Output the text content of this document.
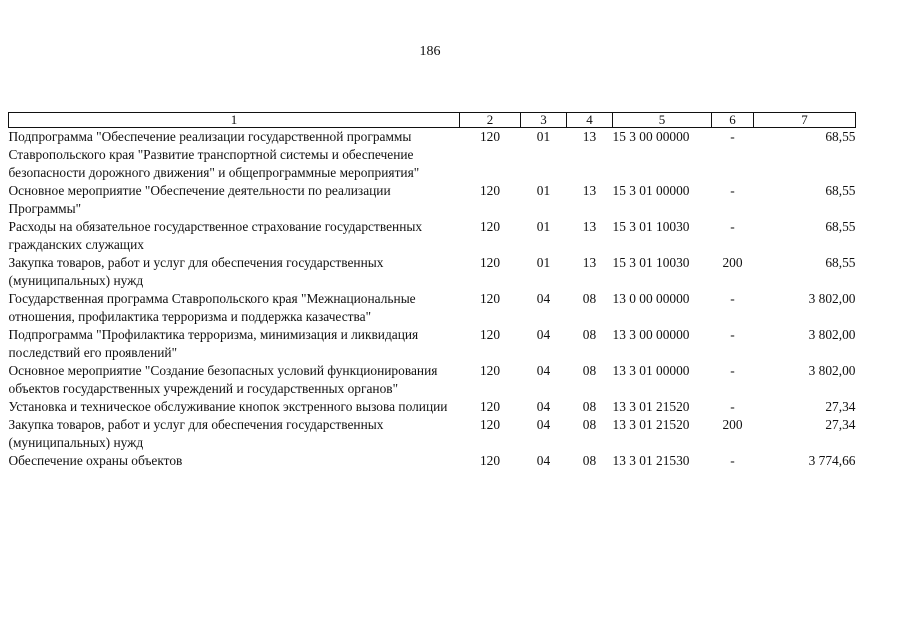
186
1	2	3	4	5	6	7
Подпрограмма "Обеспечение реализации государственной программы Ставропольского края "Развитие транспортной системы и обеспечение безопасности дорожного движения" и общепрограммные мероприятия"	120	01	13	15 3 00 00000	-	68,55
Основное мероприятие "Обеспечение деятельности по реализации Программы"	120	01	13	15 3 01 00000	-	68,55
Расходы на обязательное государственное страхование государственных гражданских служащих	120	01	13	15 3 01 10030	-	68,55
Закупка товаров, работ и услуг для обеспечения государственных (муниципальных) нужд	120	01	13	15 3 01 10030	200	68,55
Государственная программа Ставропольского края "Межнациональные отношения, профилактика терроризма и поддержка казачества"	120	04	08	13 0 00 00000	-	3 802,00
Подпрограмма "Профилактика терроризма, минимизация и ликвидация последствий его проявлений"	120	04	08	13 3 00 00000	-	3 802,00
Основное мероприятие "Создание безопасных условий функционирования объектов государственных учреждений и государственных органов"	120	04	08	13 3 01 00000	-	3 802,00
Установка и техническое обслуживание кнопок экстренного вызова полиции	120	04	08	13 3 01 21520	-	27,34
Закупка товаров, работ и услуг для обеспечения государственных (муниципальных) нужд	120	04	08	13 3 01 21520	200	27,34
Обеспечение охраны объектов	120	04	08	13 3 01 21530	-	3 774,66
